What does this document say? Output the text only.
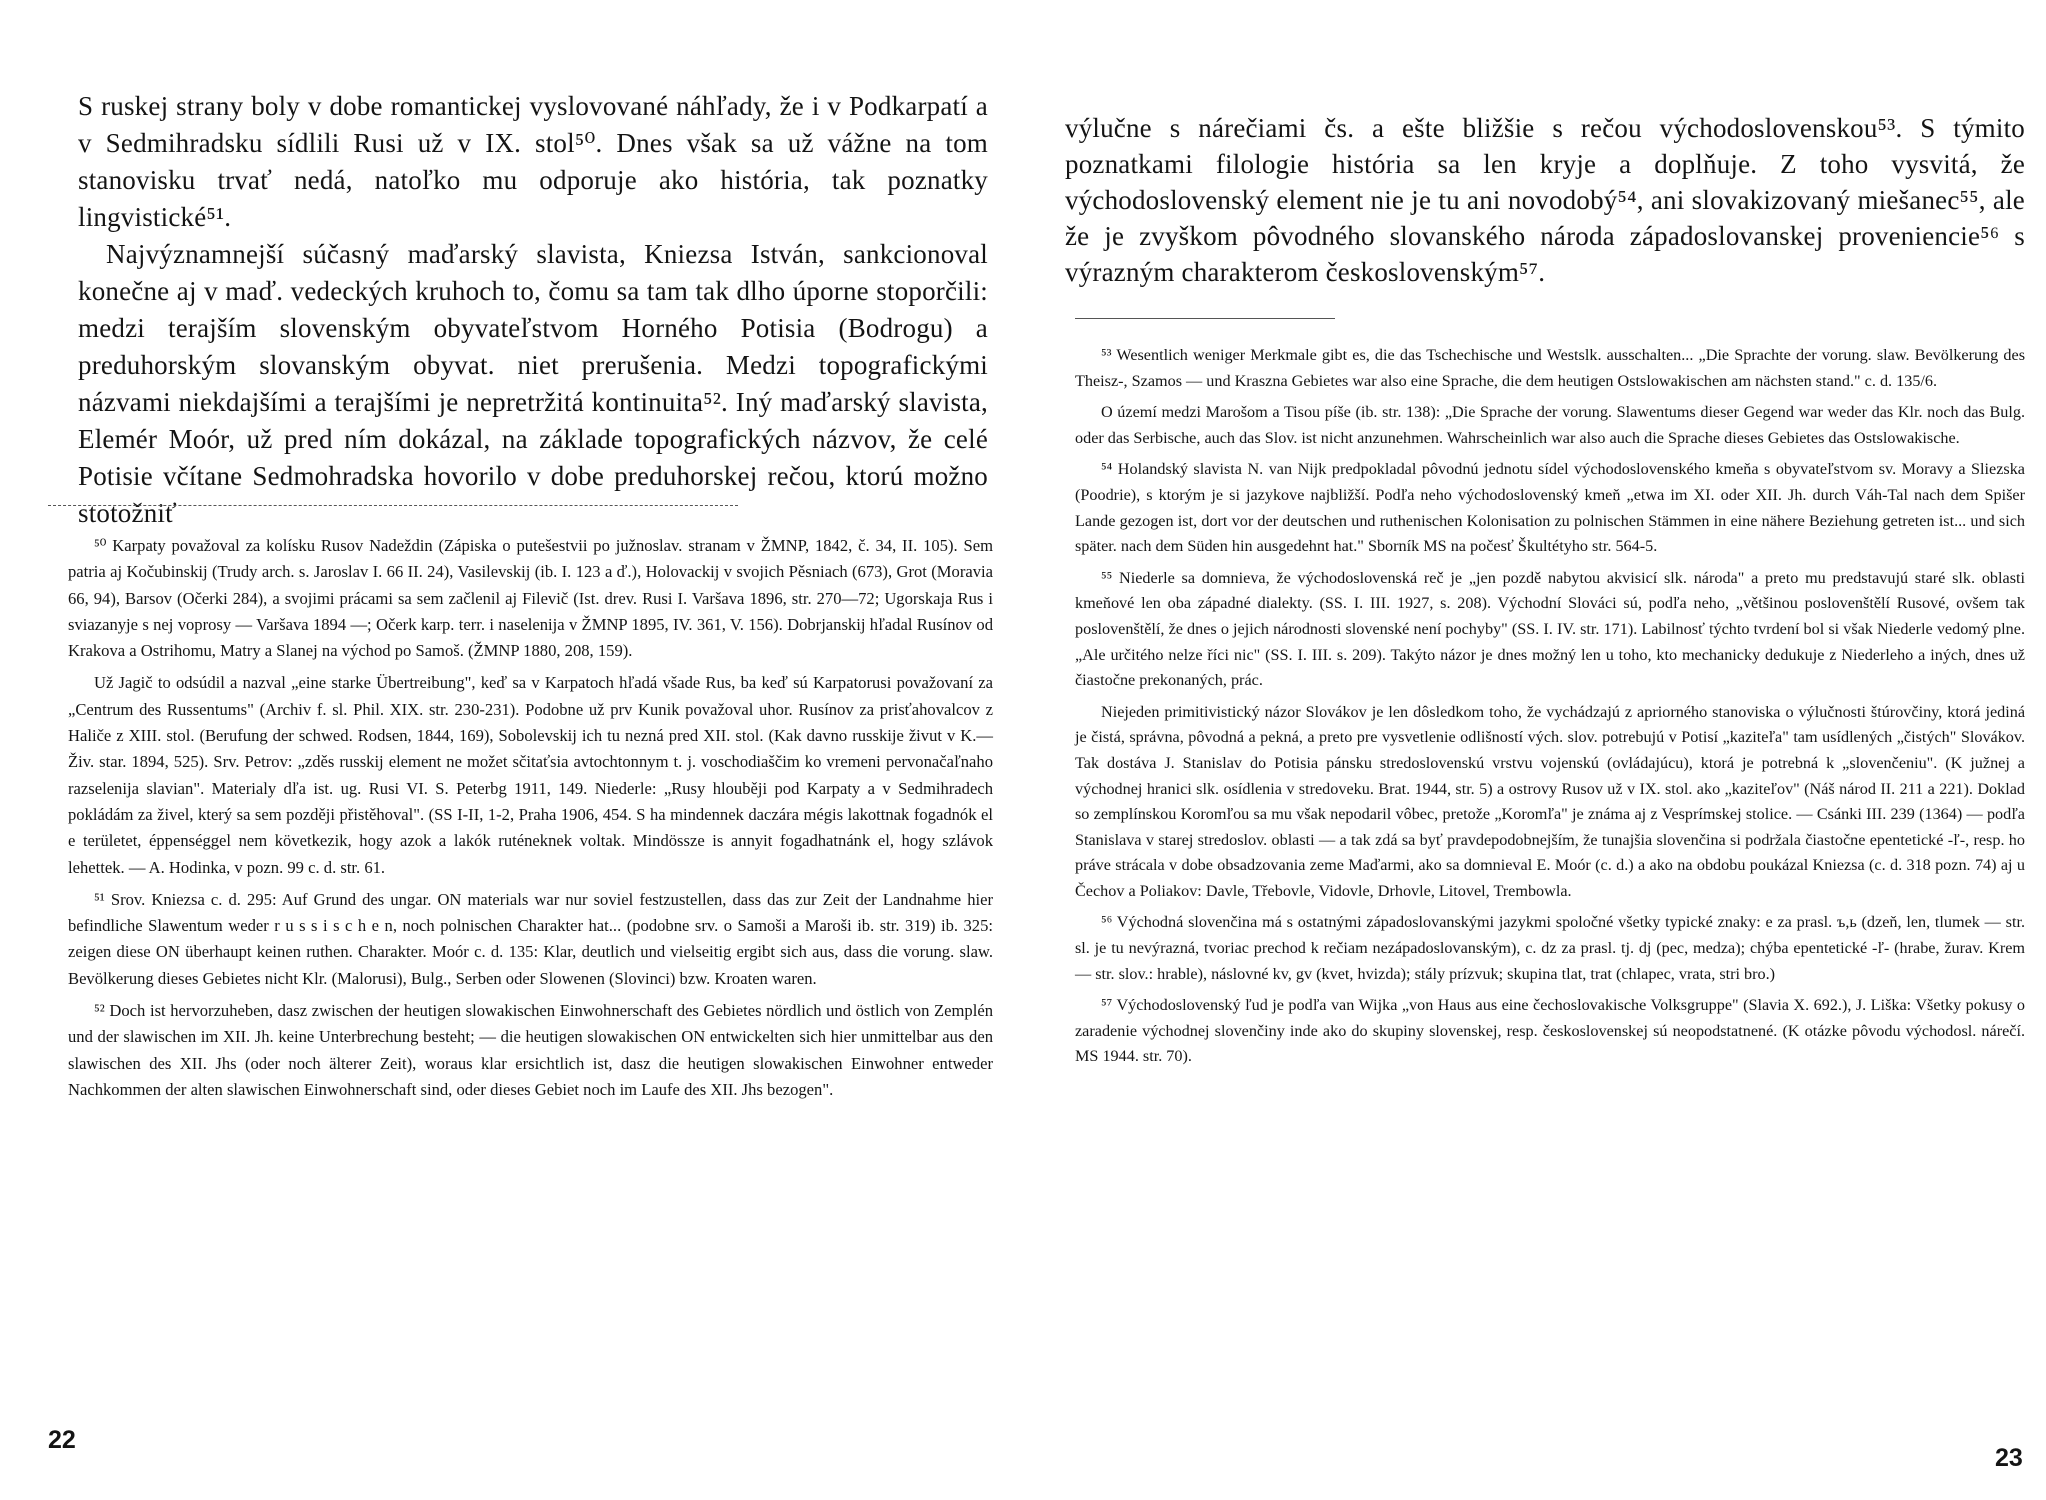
S ruskej strany boly v dobe romantickej vyslovované náhľady, že i v Podkarpatí a v Sedmihradsku sídlili Rusi už v IX. stol⁵⁰. Dnes však sa už vážne na tom stanovisku trvať nedá, natoľko mu odporuje ako história, tak poznatky lingvistické⁵¹.

Najvýznamnejší súčasný maďarský slavista, Kniezsa István, sankcionoval konečne aj v maď. vedeckých kruhoch to, čomu sa tam tak dlho úporne stoporčili: medzi terajším slovenským obyvateľstvom Horného Potisia (Bodrogu) a preduhorským slovanským obyvat. niet prerušenia. Medzi topografickými názvami niekdajšími a terajšími je nepretržitá kontinuita⁵². Iný maďarský slavista, Elemér Moór, už pred ním dokázal, na základe topografických názvov, že celé Potisie včítane Sedmohradska hovorilo v dobe preduhorskej rečou, ktorú možno stotožniť

⁵⁰ Karpaty považoval za kolísku Rusov Nadeždin (Zápiska o putešestvii po južnoslav. stranam v ŽMNP, 1842, č. 34, II. 105). Sem patria aj Kočubinskij (Trudy arch. s. Jaroslav I. 66 II. 24), Vasilevskij (ib. I. 123 a ď.), Holovackij v svojich Pěsniach (673), Grot (Moravia 66, 94), Barsov (Očerki 284), a svojimi prácami sa sem začlenil aj Filevič (Ist. drev. Rusi I. Varšava 1896, str. 270—72; Ugorskaja Rus i sviazanyje s nej voprosy — Varšava 1894 —; Očerk karp. terr. i naselenija v ŽMNP 1895, IV. 361, V. 156). Dobrjanskij hľadal Rusínov od Krakova a Ostrihomu, Matry a Slanej na východ po Samoš. (ŽMNP 1880, 208, 159).

Už Jagič to odsúdil a nazval „eine starke Übertreibung", keď sa v Karpatoch hľadá všade Rus, ba keď sú Karpatorusi považovaní za „Centrum des Russentums" (Archiv f. sl. Phil. XIX. str. 230-231). Podobne už prv Kunik považoval uhor. Rusínov za prisťahovalcov z Haliče z XIII. stol. (Berufung der schwed. Rodsen, 1844, 169), Sobolevskij ich tu nezná pred XII. stol. (Kak davno russkije živut v K.—Živ. star. 1894, 525). Srv. Petrov: „zděs russkij element ne možet sčitaťsia avtochtonnym t. j. voschodiaščim ko vremeni pervonačaľnaho razselenija slavian". Materialy dľa ist. ug. Rusi VI. S. Peterbg 1911, 149. Niederle: „Rusy hlouběji pod Karpaty a v Sedmihradech pokládám za živel, který sa sem později přistěhoval". (SS I-II, 1-2, Praha 1906, 454. S ha mindennek daczára mégis lakottnak fogadnók el e területet, éppenséggel nem következik, hogy azok a lakók ruténeknek voltak. Mindössze is annyit fogadhatnánk el, hogy szlávok lehettek. — A. Hodinka, v pozn. 99 c. d. str. 61.

⁵¹ Srov. Kniezsa c. d. 295: Auf Grund des ungar. ON materials war nur soviel festzustellen, dass das zur Zeit der Landnahme hier befindliche Slawentum weder r u s s i s c h e n, noch polnischen Charakter hat... (podobne srv. o Samoši a Maroši ib. str. 319) ib. 325: zeigen diese ON überhaupt keinen ruthen. Charakter. Moór c. d. 135: Klar, deutlich und vielseitig ergibt sich aus, dass die vorung. slaw. Bevölkerung dieses Gebietes nicht Klr. (Malorusi), Bulg., Serben oder Slowenen (Slovinci) bzw. Kroaten waren.

⁵² Doch ist hervorzuheben, dasz zwischen der heutigen slowakischen Einwohnerschaft des Gebietes nördlich und östlich von Zemplén und der slawischen im XII. Jh. keine Unterbrechung besteht; — die heutigen slowakischen ON entwickelten sich hier unmittelbar aus den slawischen des XII. Jhs (oder noch älterer Zeit), woraus klar ersichtlich ist, dasz die heutigen slowakischen Einwohner entweder Nachkommen der alten slawischen Einwohnerschaft sind, oder dieses Gebiet noch im Laufe des XII. Jhs bezogen".

22

výlučne s nárečiami čs. a ešte bližšie s rečou východoslovenskou⁵³. S týmito poznatkami filologie história sa len kryje a doplňuje. Z toho vysvitá, že východoslovenský element nie je tu ani novodobý⁵⁴, ani slovakizovaný miešanec⁵⁵, ale že je zvyškom pôvodného slovanského národa západoslovanskej proveniencie⁵⁶ s výrazným charakterom československým⁵⁷.

⁵³ Wesentlich weniger Merkmale gibt es, die das Tschechische und Westslk. ausschalten... „Die Sprachte der vorung. slaw. Bevölkerung des Theisz-, Szamos — und Kraszna Gebietes war also eine Sprache, die dem heutigen Ostslowakischen am nächsten stand." c. d. 135/6.

O území medzi Marošom a Tisou píše (ib. str. 138): „Die Sprache der vorung. Slawentums dieser Gegend war weder das Klr. noch das Bulg. oder das Serbische, auch das Slov. ist nicht anzunehmen. Wahrscheinlich war also auch die Sprache dieses Gebietes das Ostslowakische.

⁵⁴ Holandský slavista N. van Nijk predpokladal pôvodnú jednotu sídel východoslovenského kmeňa s obyvateľstvom sv. Moravy a Sliezska (Poodrie), s ktorým je si jazykove najbližší. Podľa neho východoslovenský kmeň „etwa im XI. oder XII. Jh. durch Váh-Tal nach dem Spišer Lande gezogen ist, dort vor der deutschen und ruthenischen Kolonisation zu polnischen Stämmen in eine nähere Beziehung getreten ist... und sich später. nach dem Süden hin ausgedehnt hat." Sborník MS na počesť Škultétyho str. 564-5.

⁵⁵ Niederle sa domnieva, že východoslovenská reč je „jen pozdě nabytou akvisicí slk. národa" a preto mu predstavujú staré slk. oblasti kmeňové len oba západné dialekty. (SS. I. III. 1927, s. 208). Východní Slováci sú, podľa neho, „většinou poslovenštělí Rusové, ovšem tak poslovenštělí, že dnes o jejich národnosti slovenské není pochyby" (SS. I. IV. str. 171). Labilnosť týchto tvrdení bol si však Niederle vedomý plne. „Ale určitého nelze říci nic" (SS. I. III. s. 209). Takýto názor je dnes možný len u toho, kto mechanicky dedukuje z Niederleho a iných, dnes už čiastočne prekonaných, prác.

Niejeden primitivistický názor Slovákov je len dôsledkom toho, že vychádzajú z apriorného stanoviska o výlučnosti štúrovčiny, ktorá jediná je čistá, správna, pôvodná a pekná, a preto pre vysvetlenie odlišností vých. slov. potrebujú v Potisí „kaziteľa" tam usídlených „čistých" Slovákov. Tak dostáva J. Stanislav do Potisia pánsku stredoslovenskú vrstvu vojenskú (ovládajúcu), ktorá je potrebná k „slovenčeniu". (K južnej a východnej hranici slk. osídlenia v stredoveku. Brat. 1944, str. 5) a ostrovy Rusov už v IX. stol. ako „kaziteľov" (Náš národ II. 211 a 221). Doklad so zemplínskou Koromľou sa mu však nepodaril vôbec, pretože „Koromľa" je známa aj z Vesprímskej stolice. — Csánki III. 239 (1364) — podľa Stanislava v starej stredoslov. oblasti — a tak zdá sa byť pravdepodobnejším, že tunajšia slovenčina si podržala čiastočne epentetické -ľ-, resp. ho práve strácala v dobe obsadzovania zeme Maďarmi, ako sa domnieval E. Moór (c. d.) a ako na obdobu poukázal Kniezsa (c. d. 318 pozn. 74) aj u Čechov a Poliakov: Davle, Třebovle, Vidovle, Drhovle, Litovel, Trembowla.

⁵⁶ Východná slovenčina má s ostatnými západoslovanskými jazykmi spoločné všetky typické znaky: e za prasl. ъ,ь (dzeň, len, tlumek — str. sl. je tu nevýrazná, tvoriac prechod k rečiam nezápadoslovanským), c. dz za prasl. tj. dj (pec, medza); chýba epentetické -ľ- (hrabe, žurav. Krem — str. slov.: hrable), náslovné kv, gv (kvet, hvizda); stály prízvuk; skupina tlat, trat (chlapec, vrata, stri bro.)

⁵⁷ Východoslovenský ľud je podľa van Wijka „von Haus aus eine čechoslovakische Volksgruppe" (Slavia X. 692.), J. Liška: Všetky pokusy o zaradenie východnej slovenčiny inde ako do skupiny slovenskej, resp. československej sú neopodstatnené. (K otázke pôvodu východosl. nárečí. MS 1944. str. 70).

23
